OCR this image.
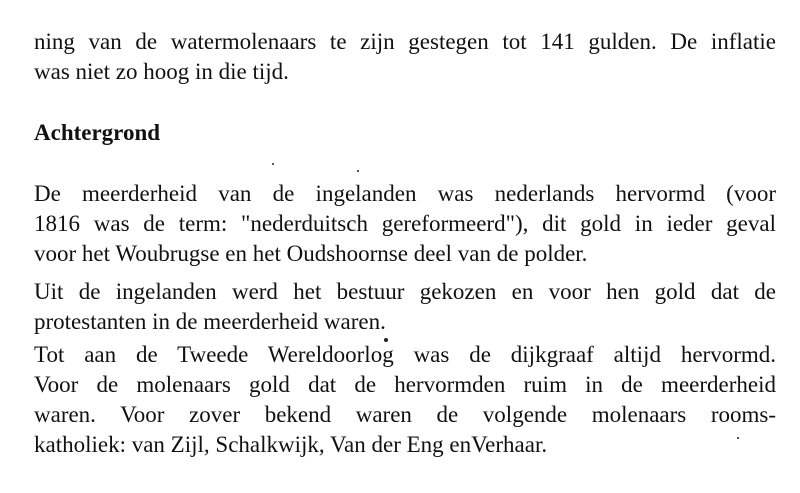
ning van de watermolenaars te zijn gestegen tot 141 gulden. De inflatie
was niet zo hoog in die tijd.
Achtergrond
De meerderheid van de ingelanden was nederlands hervormd (voor
1816 was de term: "nederduitsch gereformeerd"), dit gold in ieder geval
voor het Woubrugse en het Oudshoornse deel van de polder.
Uit de ingelanden werd het bestuur gekozen en voor hen gold dat de
protestanten in de meerderheid waren.
Tot aan de Tweede Wereldoorlog was de dijkgraaf altijd hervormd.
Voor de molenaars gold dat de hervormden ruim in de meerderheid
waren. Voor zover bekend waren de volgende molenaars rooms-
katholiek: van Zijl, Schalkwijk, Van der Eng enVerhaar.
